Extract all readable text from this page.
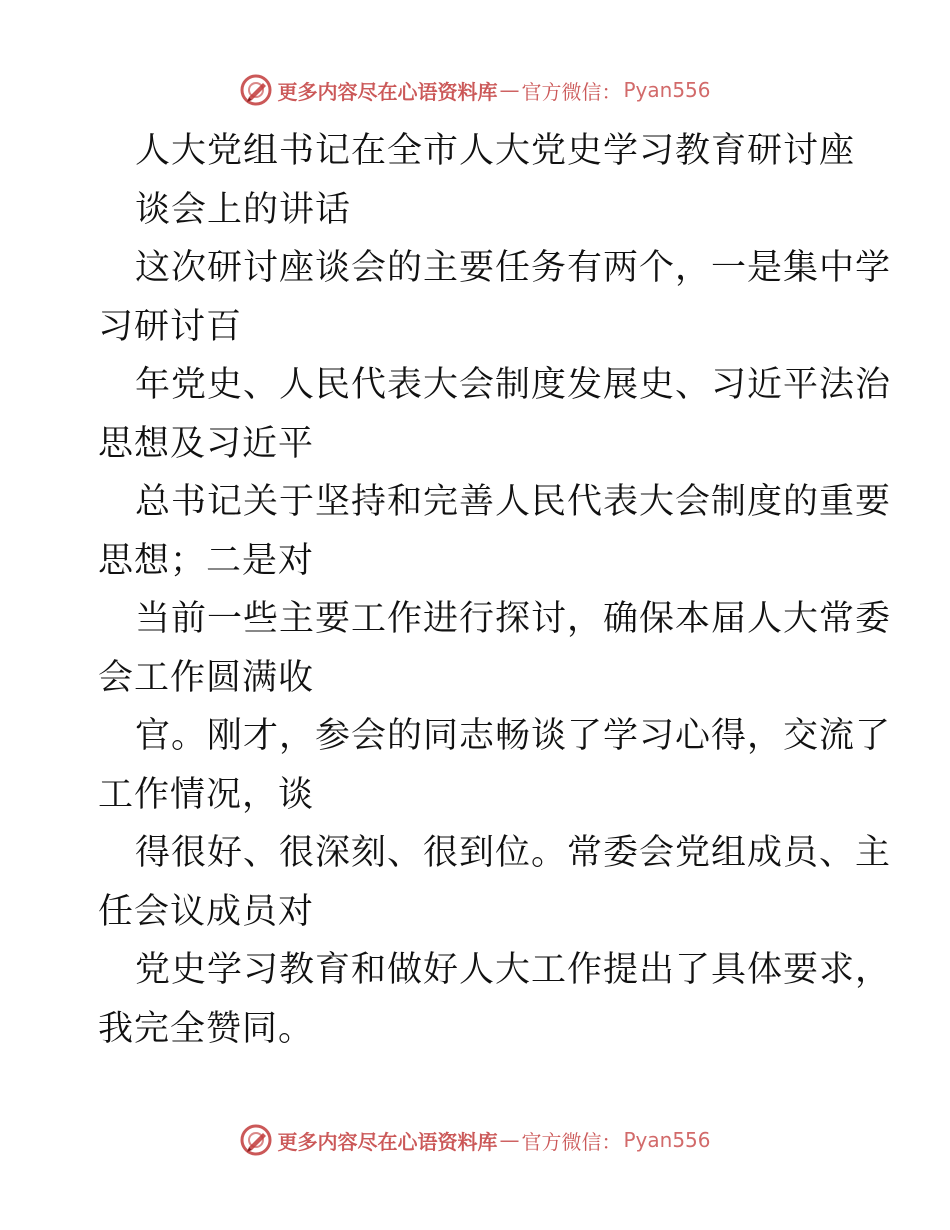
更多内容尽在心语资料库 — 官方微信： Pyan556
人大党组书记在全市人大党史学习教育研讨座
谈会上的讲话
这次研讨座谈会的主要任务有两个，一是集中学
习研讨百
年党史、人民代表大会制度发展史、习近平法治
思想及习近平
总书记关于坚持和完善人民代表大会制度的重要
思想；二是对
当前一些主要工作进行探讨，确保本届人大常委
会工作圆满收
官。刚才，参会的同志畅谈了学习心得，交流了
工作情况，谈
得很好、很深刻、很到位。常委会党组成员、主
任会议成员对
党史学习教育和做好人大工作提出了具体要求，
我完全赞同。
更多内容尽在心语资料库 — 官方微信： Pyan556
